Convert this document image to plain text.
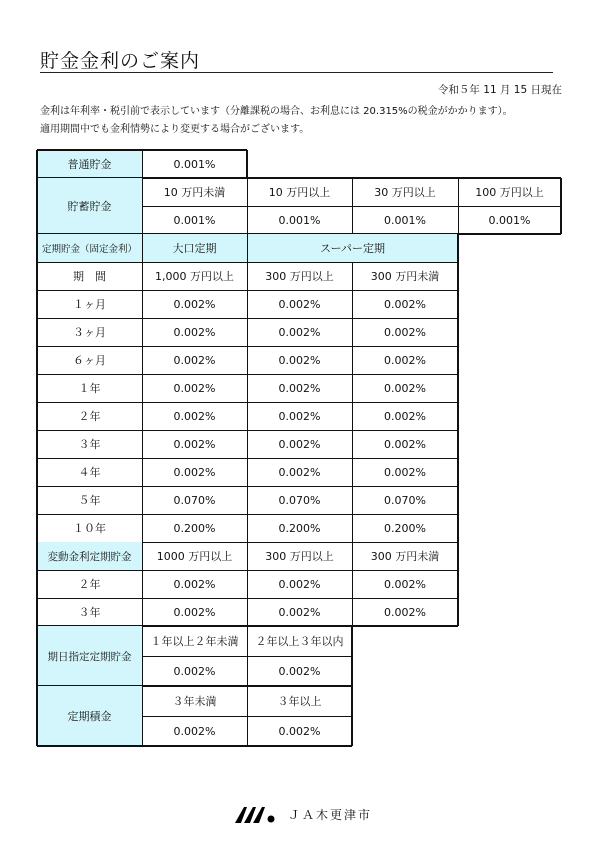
貯金金利のご案内
令和５年 11 月 15 日現在
金利は年利率・税引前で表示しています（分離課税の場合、お利息には 20.315%の税金がかかります）。
適用期間中でも金利情勢により変更する場合がございます。
普通貯金	0.001%
貯蓄貯金
10 万円未満	10 万円以上	30 万円以上	100 万円以上
0.001%	0.001%	0.001%	0.001%
定期貯金（固定金利）	大口定期	スーパー定期
期　間	1,000 万円以上	300 万円以上	300 万円未満
１ヶ月	0.002%	0.002%	0.002%
３ヶ月	0.002%	0.002%	0.002%
６ヶ月	0.002%	0.002%	0.002%
１年	0.002%	0.002%	0.002%
２年	0.002%	0.002%	0.002%
３年	0.002%	0.002%	0.002%
４年	0.002%	0.002%	0.002%
５年	0.070%	0.070%	0.070%
１０年	0.200%	0.200%	0.200%
変動金利定期貯金	1000 万円以上	300 万円以上	300 万円未満
２年	0.002%	0.002%	0.002%
３年	0.002%	0.002%	0.002%
期日指定定期貯金
１年以上２年未満	２年以上３年以内
0.002%	0.002%
定期積金
３年未満	３年以上
0.002%	0.002%
ＪＡ木更津市
